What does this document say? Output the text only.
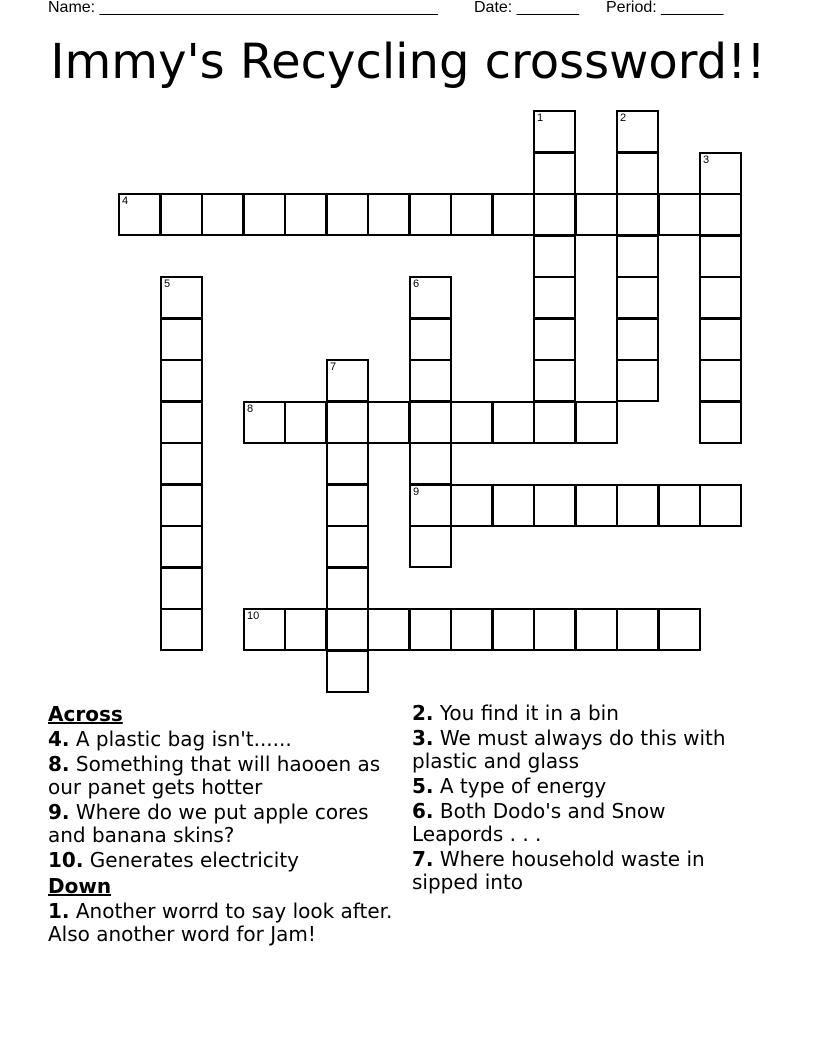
Name: ______________________________________ Date: _______ Period: _______
Immy's Recycling crossword!!
1	2
3
4
5	6
7
8
9
10
Across
4. A plastic bag isn't......
8. Something that will haooen as our panet gets hotter
9. Where do we put apple cores and banana skins?
10. Generates electricity
Down
1. Another worrd to say look after. Also another word for Jam!
2. You find it in a bin
3. We must always do this with plastic and glass
5. A type of energy
6. Both Dodo's and Snow Leapords . . .
7. Where household waste in sipped into
